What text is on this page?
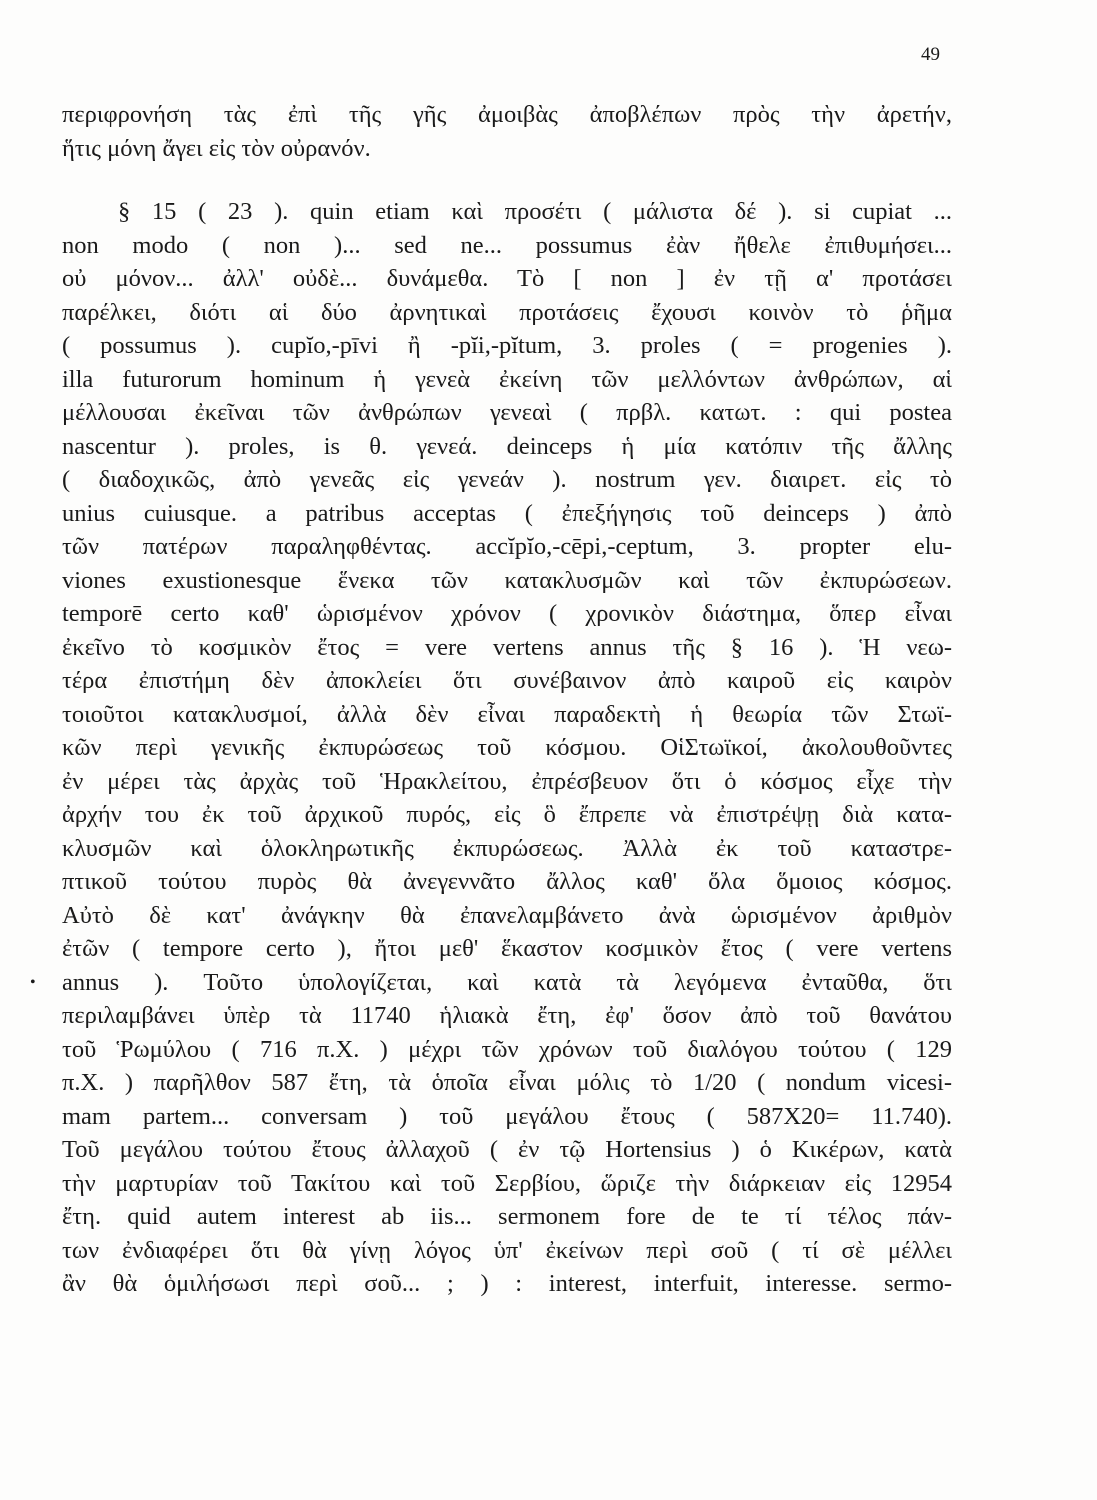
49
•
περιφρονήση τὰς ἐπὶ τῆς γῆς ἀμοιβὰς ἀποβλέπων πρὸς τὴν ἀρετήν,
ἥτις μόνη ἄγει εἰς τὸν οὐρανόν.
§ 15 ( 23 ). quin etiam καὶ προσέτι ( μάλιστα δέ ). si cupiat ...
non modo ( non )... sed ne... possumus ἐὰν ἤθελε ἐπιθυμήσει...
οὐ μόνον... ἀλλ' οὐδὲ... δυνάμεθα. Τὸ [ non ] ἐν τῇ α' προτάσει
παρέλκει, διότι αἱ δύο ἀρνητικαὶ προτάσεις ἔχουσι κοινὸν τὸ ῥῆμα
( possumus ). cupĭo,-pīvi ἢ -pĭi,-pĭtum, 3. proles ( = progenies ).
illa futurorum hominum ἡ γενεὰ ἐκείνη τῶν μελλόντων ἀνθρώπων, αἱ
μέλλουσαι ἐκεῖναι τῶν ἀνθρώπων γενεαὶ ( πρβλ. κατωτ. : qui postea
nascentur ). proles, is θ. γενεά. deinceps ἡ μία κατόπιν τῆς ἄλλης
( διαδοχικῶς, ἀπὸ γενεᾶς εἰς γενεάν ). nostrum γεν. διαιρετ. εἰς τὸ
unius cuiusque. a patribus acceptas ( ἐπεξήγησις τοῦ deinceps ) ἀπὸ
τῶν πατέρων παραληφθέντας. accĭpĭo,-cēpi,-ceptum, 3. propter elu-
viones exustionesque ἕνεκα τῶν κατακλυσμῶν καὶ τῶν ἐκπυρώσεων.
temporē certo καθ' ὡρισμένον χρόνον ( χρονικὸν διάστημα, ὅπερ εἶναι
ἐκεῖνο τὸ κοσμικὸν ἔτος = vere vertens annus τῆς § 16 ). Ἡ νεω-
τέρα ἐπιστήμη δὲν ἀποκλείει ὅτι συνέβαινον ἀπὸ καιροῦ εἰς καιρὸν
τοιοῦτοι κατακλυσμοί, ἀλλὰ δὲν εἶναι παραδεκτὴ ἡ θεωρία τῶν Στωϊ-
κῶν περὶ γενικῆς ἐκπυρώσεως τοῦ κόσμου. ΟἱΣτωϊκοί, ἀκολουθοῦντες
ἐν μέρει τὰς ἀρχὰς τοῦ Ἡρακλείτου, ἐπρέσβευον ὅτι ὁ κόσμος εἶχε τὴν
ἀρχήν του ἐκ τοῦ ἀρχικοῦ πυρός, εἰς ὃ ἔπρεπε νὰ ἐπιστρέψῃ διὰ κατα-
κλυσμῶν καὶ ὁλοκληρωτικῆς ἐκπυρώσεως. Ἀλλὰ ἐκ τοῦ καταστρε-
πτικοῦ τούτου πυρὸς θὰ ἀνεγεννᾶτο ἄλλος καθ' ὅλα ὅμοιος κόσμος.
Αὐτὸ δὲ κατ' ἀνάγκην θὰ ἐπανελαμβάνετο ἀνὰ ὡρισμένον ἀριθμὸν
ἐτῶν ( tempore certo ), ἤτοι μεθ' ἕκαστον κοσμικὸν ἔτος ( vere vertens
annus ). Τοῦτο ὑπολογίζεται, καὶ κατὰ τὰ λεγόμενα ἐνταῦθα, ὅτι
περιλαμβάνει ὑπὲρ τὰ 11740 ἡλιακὰ ἔτη, ἐφ' ὅσον ἀπὸ τοῦ θανάτου
τοῦ Ῥωμύλου ( 716 π.Χ. ) μέχρι τῶν χρόνων τοῦ διαλόγου τούτου ( 129
π.Χ. ) παρῆλθον 587 ἔτη, τὰ ὁποῖα εἶναι μόλις τὸ 1/20 ( nondum vicesi-
mam partem... conversam ) τοῦ μεγάλου ἔτους ( 587X20= 11.740).
Τοῦ μεγάλου τούτου ἔτους ἀλλαχοῦ ( ἐν τῷ Hortensius ) ὁ Κικέρων, κατὰ
τὴν μαρτυρίαν τοῦ Τακίτου καὶ τοῦ Σερβίου, ὥριζε τὴν διάρκειαν εἰς 12954
ἔτη. quid autem interest ab iis... sermonem fore de te τί τέλος πάν-
των ἐνδιαφέρει ὅτι θὰ γίνῃ λόγος ὑπ' ἐκείνων περὶ σοῦ ( τί σὲ μέλλει
ἂν θὰ ὁμιλήσωσι περὶ σοῦ... ; ) : interest, interfuit, interesse. sermo-
